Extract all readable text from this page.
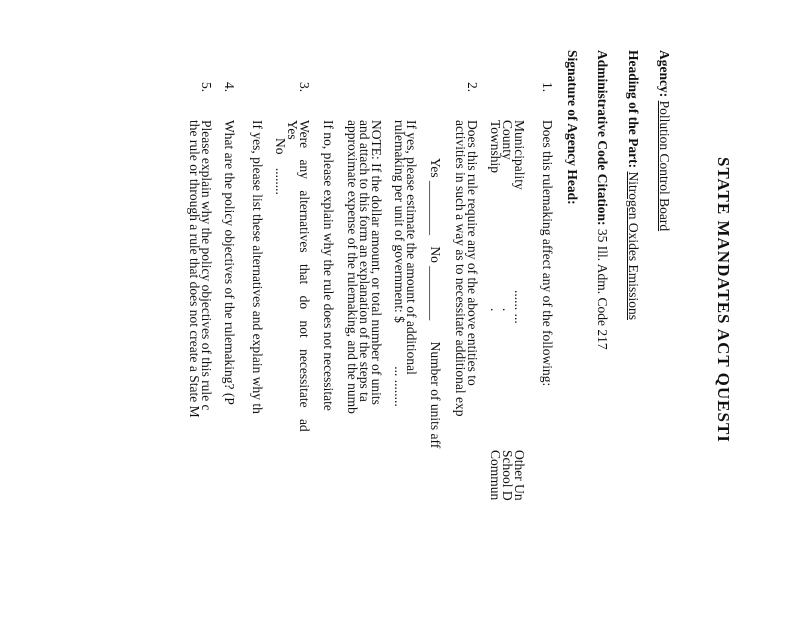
STATE MANDATES ACT QUESTI
Agency: Pollution Control Board
Heading of the Part: Nitrogen Oxides Emissions
Administrative Code Citation: 35 Ill. Adm. Code 217
Signature of Agency Head:
1.
Does this rulemaking affect any of the following:
Municipality
County
Township
...... ...
.
.
Other Un
School D
Commun
2.
Does this rule require any of the above entities to
activities in such a way as to necessitate additional exp
Yes ________ No ________ Number of units aff
If yes, please estimate the amount of additional
rulemaking per unit of government: $ ... ........
NOTE: If the dollar amount, or total number of units
and attach to this form an explanation of the steps ta
approximate expense of the rulemaking, and the numb
If no, please explain why the rule does not necessitate
3.
Were any alternatives that do not necessitate ad
Yes
No ........
If yes, please list these alternatives and explain why th
4.
What are the policy objectives of the rulemaking? (P
5.
Please explain why the policy objectives of this rule c
the rule or through a rule that does not create a State M
